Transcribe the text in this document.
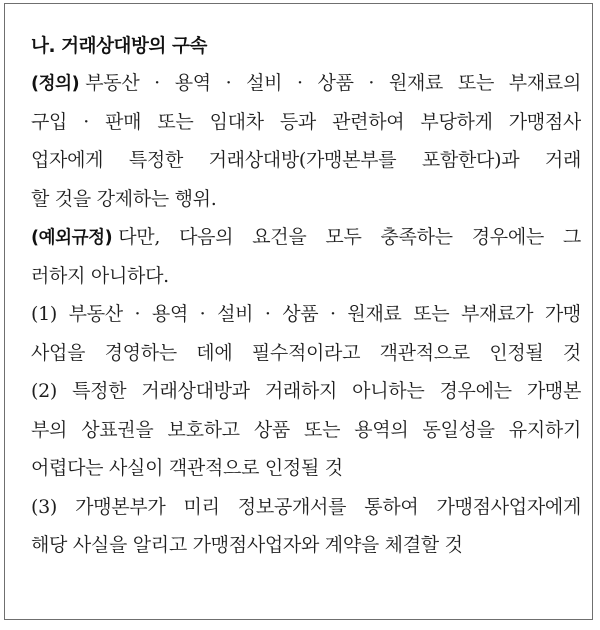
나. 거래상대방의 구속
(정의) 부동산 · 용역 · 설비 · 상품 · 원재료 또는 부재료의
구입 · 판매 또는 임대차 등과 관련하여 부당하게 가맹점사
업자에게 특정한 거래상대방(가맹본부를 포함한다)과 거래
할 것을 강제하는 행위.
(예외규정) 다만, 다음의 요건을 모두 충족하는 경우에는 그
러하지 아니하다.
(1) 부동산 · 용역 · 설비 · 상품 · 원재료 또는 부재료가 가맹
사업을 경영하는 데에 필수적이라고 객관적으로 인정될 것
(2) 특정한 거래상대방과 거래하지 아니하는 경우에는 가맹본
부의 상표권을 보호하고 상품 또는 용역의 동일성을 유지하기
어렵다는 사실이 객관적으로 인정될 것
(3) 가맹본부가 미리 정보공개서를 통하여 가맹점사업자에게
해당 사실을 알리고 가맹점사업자와 계약을 체결할 것
